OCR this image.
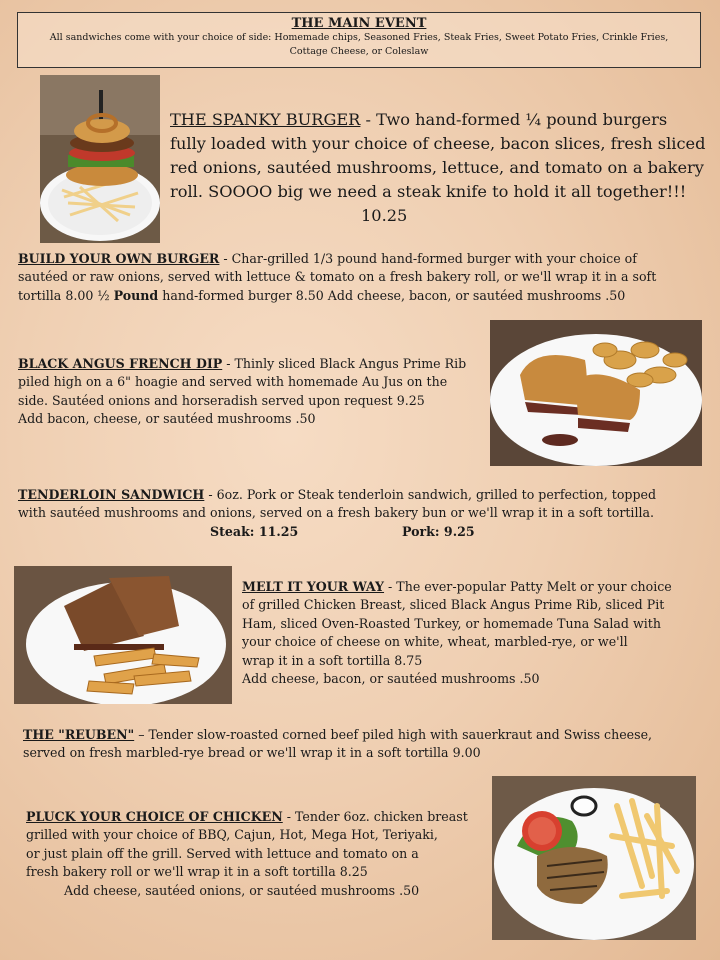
THE MAIN EVENT
All sandwiches come with your choice of side: Homemade chips, Seasoned Fries, Steak Fries, Sweet Potato Fries, Crinkle Fries, Cottage Cheese, or Coleslaw
THE SPANKY BURGER - Two hand-formed ¼ pound burgers
fully loaded with your choice of cheese, bacon slices, fresh sliced
red onions, sautéed mushrooms, lettuce, and tomato on a bakery
roll. SOOOO big we need a steak knife to hold it all together!!!
10.25
BUILD YOUR OWN BURGER - Char-grilled 1/3 pound hand-formed burger with your choice of
sautéed or raw onions, served with lettuce & tomato on a fresh bakery roll, or we'll wrap it in a soft
tortilla 8.00 ½ Pound hand-formed burger 8.50 Add cheese, bacon, or sautéed mushrooms .50
BLACK ANGUS FRENCH DIP - Thinly sliced Black Angus Prime Rib
piled high on a 6" hoagie and served with homemade Au Jus on the
side. Sautéed onions and horseradish served upon request 9.25
Add bacon, cheese, or sautéed mushrooms .50
TENDERLOIN SANDWICH - 6oz. Pork or Steak tenderloin sandwich, grilled to perfection, topped
with sautéed mushrooms and onions, served on a fresh bakery bun or we'll wrap it in a soft tortilla.
Steak: 11.25	Pork: 9.25
MELT IT YOUR WAY - The ever-popular Patty Melt or your choice
of grilled Chicken Breast, sliced Black Angus Prime Rib, sliced Pit
Ham, sliced Oven-Roasted Turkey, or homemade Tuna Salad with
your choice of cheese on white, wheat, marbled-rye, or we'll
wrap it in a soft tortilla 8.75
Add cheese, bacon, or sautéed mushrooms .50
THE "REUBEN" – Tender slow-roasted corned beef piled high with sauerkraut and Swiss cheese,
served on fresh marbled-rye bread or we'll wrap it in a soft tortilla 9.00
PLUCK YOUR CHOICE OF CHICKEN - Tender 6oz. chicken breast
grilled with your choice of BBQ, Cajun, Hot, Mega Hot, Teriyaki,
or just plain off the grill. Served with lettuce and tomato on a
fresh bakery roll or we'll wrap it in a soft tortilla 8.25
Add cheese, sautéed onions, or sautéed mushrooms .50
